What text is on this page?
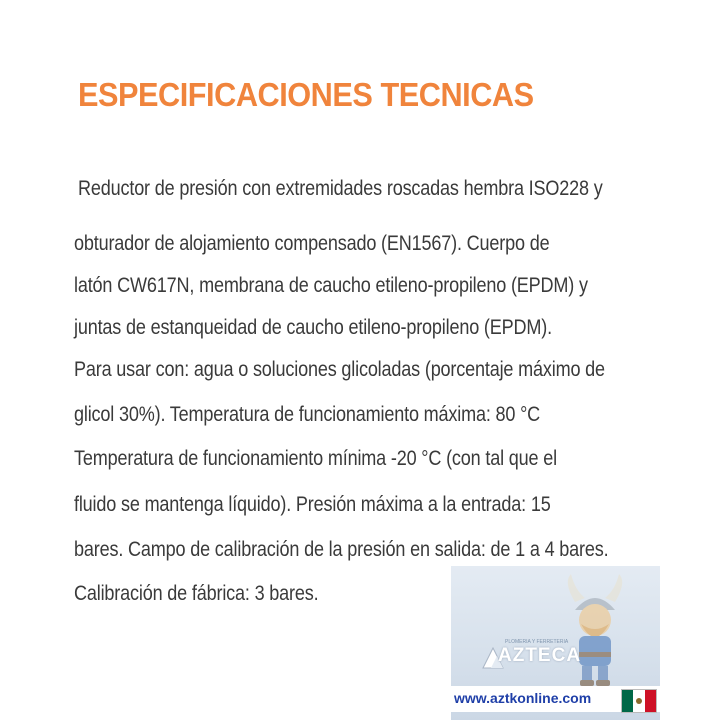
ESPECIFICACIONES TECNICAS

Reductor de presión con extremidades roscadas hembra ISO228 y

obturador de alojamiento compensado (EN1567). Cuerpo de

latón CW617N, membrana de caucho etileno-propileno (EPDM) y

juntas de estanqueidad de caucho etileno-propileno (EPDM).

Para usar con: agua o soluciones glicoladas (porcentaje máximo de

glicol 30%). Temperatura de funcionamiento máxima: 80 °C

Temperatura de funcionamiento mínima -20 °C (con tal que el

fluido se mantenga líquido). Presión máxima a la entrada: 15

bares. Campo de calibración de la presión en salida: de 1 a 4 bares.

Calibración de fábrica: 3 bares.

PLOMERIA Y FERRETERIA
AZTECA
www.aztkonline.com
